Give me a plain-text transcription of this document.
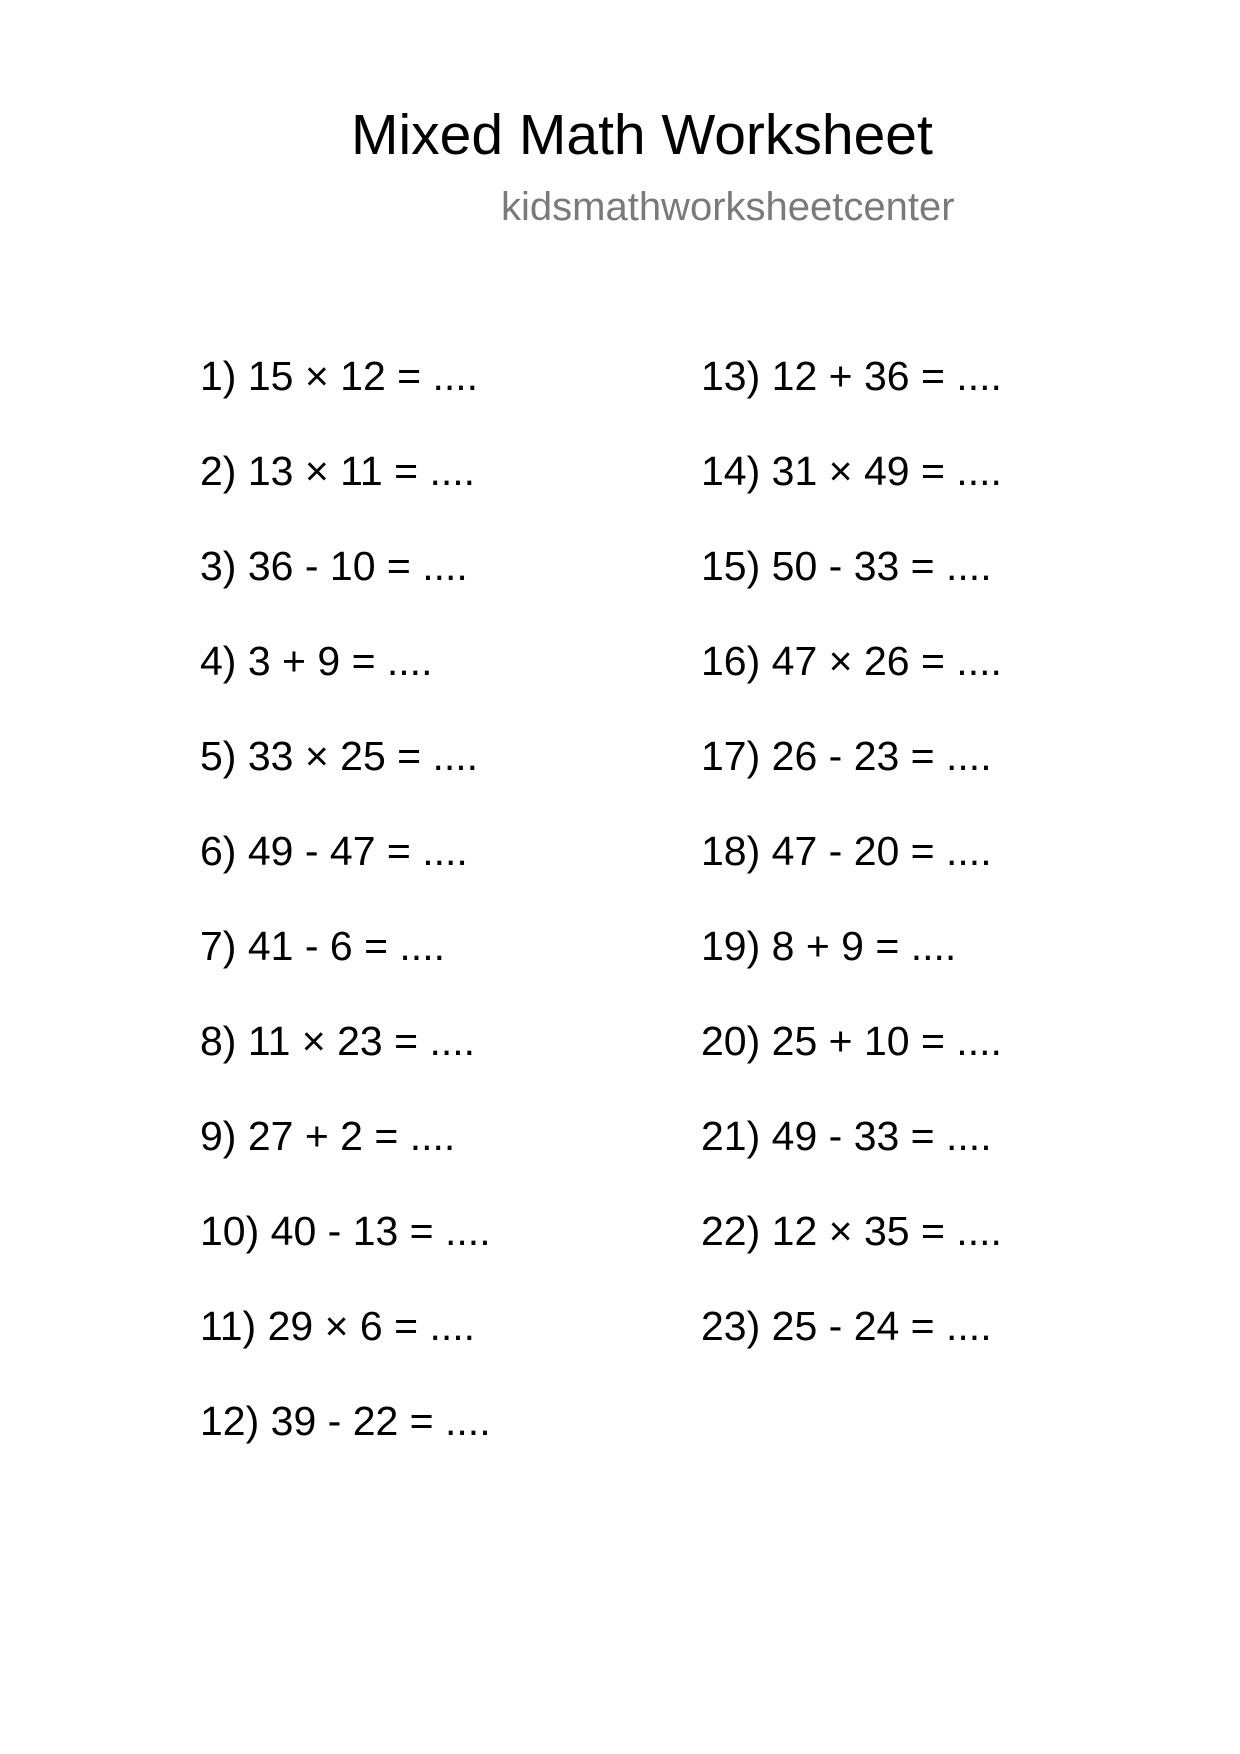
Mixed Math Worksheet
kidsmathworksheetcenter
1) 15 × 12 = ....
2) 13 × 11 = ....
3) 36 - 10 = ....
4) 3 + 9 = ....
5) 33 × 25 = ....
6) 49 - 47 = ....
7) 41 - 6 = ....
8) 11 × 23 = ....
9) 27 + 2 = ....
10) 40 - 13 = ....
11) 29 × 6 = ....
12) 39 - 22 = ....
13) 12 + 36 = ....
14) 31 × 49 = ....
15) 50 - 33 = ....
16) 47 × 26 = ....
17) 26 - 23 = ....
18) 47 - 20 = ....
19) 8 + 9 = ....
20) 25 + 10 = ....
21) 49 - 33 = ....
22) 12 × 35 = ....
23) 25 - 24 = ....
